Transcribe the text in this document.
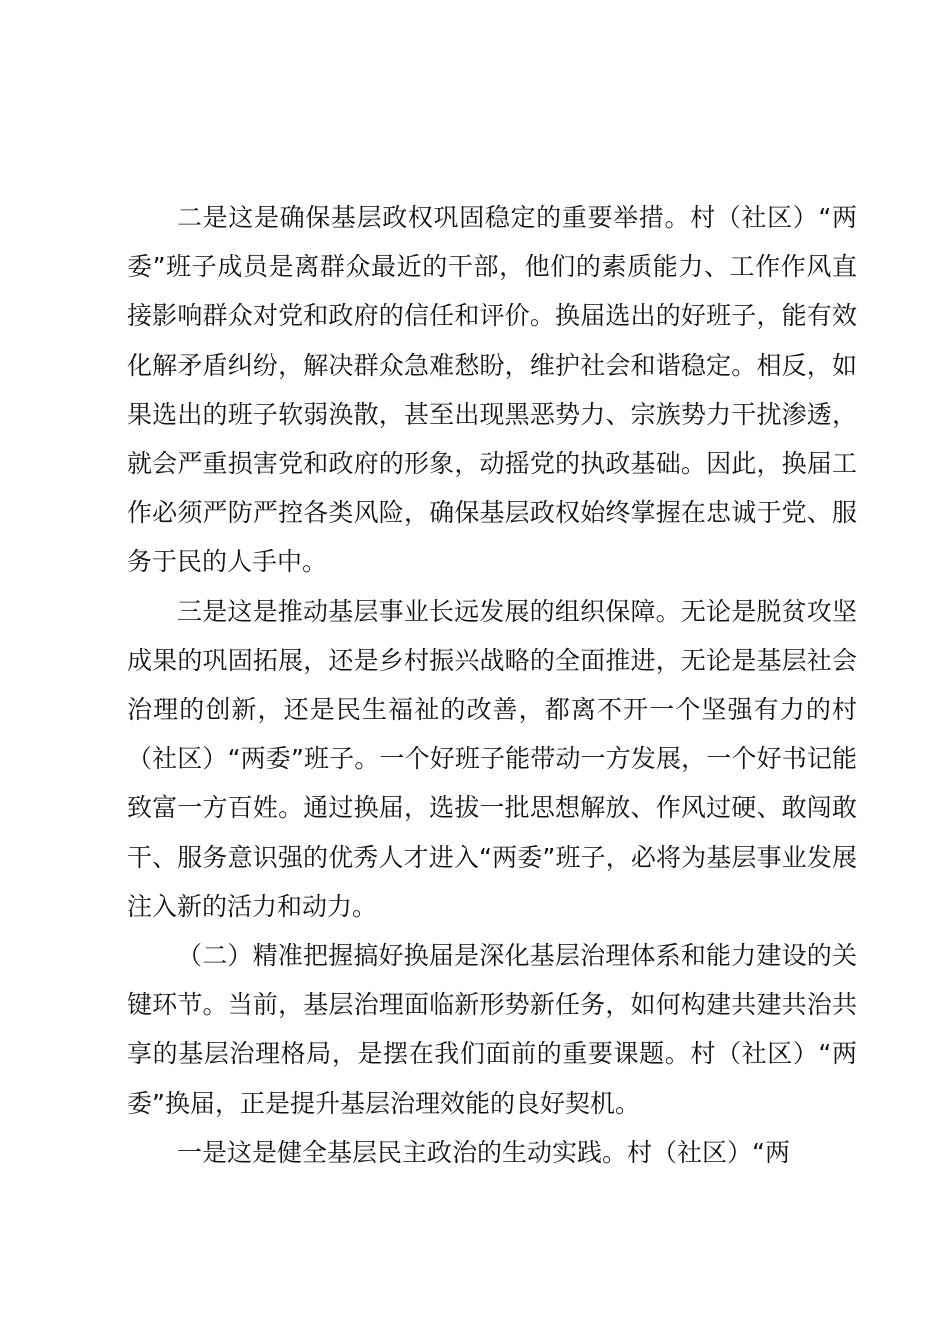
二是这是确保基层政权巩固稳定的重要举措。村（社区）“两委”班子成员是离群众最近的干部，他们的素质能力、工作作风直接影响群众对党和政府的信任和评价。换届选出的好班子，能有效化解矛盾纠纷，解决群众急难愁盼，维护社会和谐稳定。相反，如果选出的班子软弱涣散，甚至出现黑恶势力、宗族势力干扰渗透，就会严重损害党和政府的形象，动摇党的执政基础。因此，换届工作必须严防严控各类风险，确保基层政权始终掌握在忠诚于党、服务于民的人手中。

三是这是推动基层事业长远发展的组织保障。无论是脱贫攻坚成果的巩固拓展，还是乡村振兴战略的全面推进，无论是基层社会治理的创新，还是民生福祉的改善，都离不开一个坚强有力的村（社区）“两委”班子。一个好班子能带动一方发展，一个好书记能致富一方百姓。通过换届，选拔一批思想解放、作风过硬、敢闯敢干、服务意识强的优秀人才进入“两委”班子，必将为基层事业发展注入新的活力和动力。

（二）精准把握搞好换届是深化基层治理体系和能力建设的关键环节。当前，基层治理面临新形势新任务，如何构建共建共治共享的基层治理格局，是摆在我们面前的重要课题。村（社区）“两委”换届，正是提升基层治理效能的良好契机。

一是这是健全基层民主政治的生动实践。村（社区）“两
